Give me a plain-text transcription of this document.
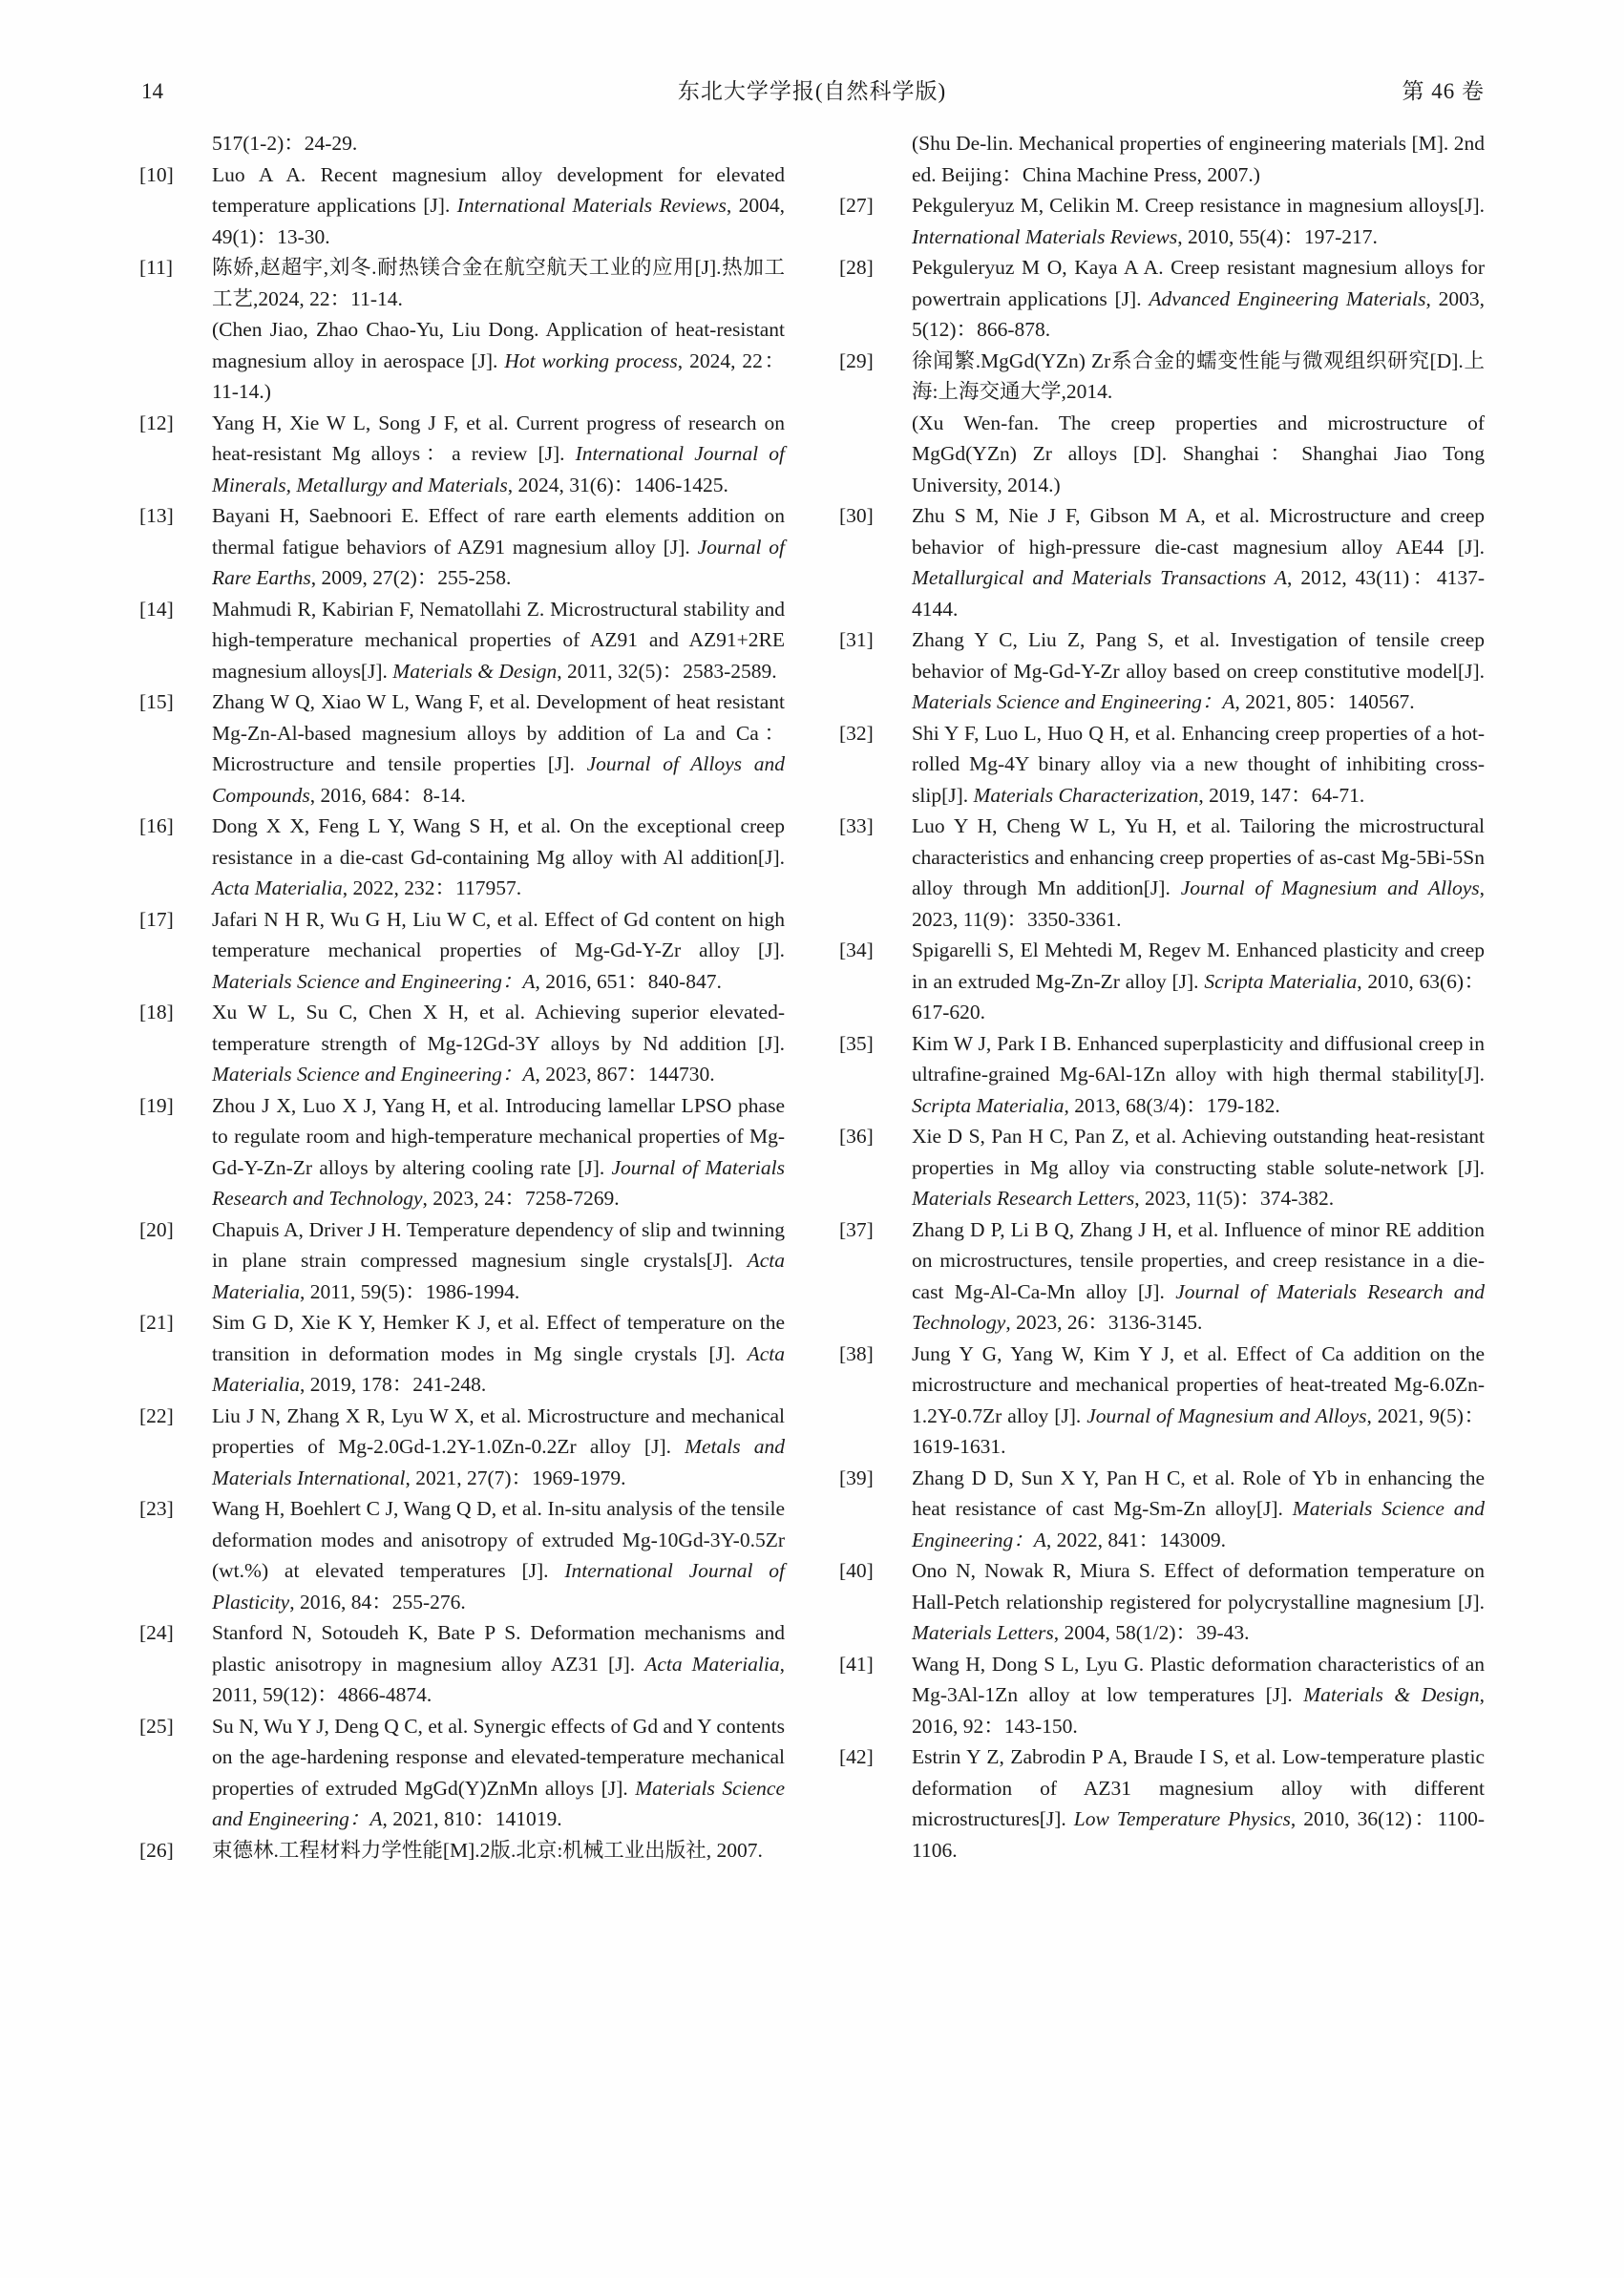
14	东北大学学报(自然科学版)	第 46 卷
517(1-2)：24-29.
[10] Luo A A. Recent magnesium alloy development for elevated temperature applications [J]. International Materials Reviews, 2004, 49(1)：13-30.
[11] 陈娇,赵超宇,刘冬.耐热镁合金在航空航天工业的应用[J].热加工工艺,2024, 22：11-14.
(Chen Jiao, Zhao Chao-Yu, Liu Dong. Application of heat-resistant magnesium alloy in aerospace [J]. Hot working process, 2024, 22：11-14.)
[12] Yang H, Xie W L, Song J F, et al. Current progress of research on heat-resistant Mg alloys：a review [J]. International Journal of Minerals, Metallurgy and Materials, 2024, 31(6)：1406-1425.
[13] Bayani H, Saebnoori E. Effect of rare earth elements addition on thermal fatigue behaviors of AZ91 magnesium alloy [J]. Journal of Rare Earths, 2009, 27(2)：255-258.
[14] Mahmudi R, Kabirian F, Nematollahi Z. Microstructural stability and high-temperature mechanical properties of AZ91 and AZ91+2RE magnesium alloys[J]. Materials & Design, 2011, 32(5)：2583-2589.
[15] Zhang W Q, Xiao W L, Wang F, et al. Development of heat resistant Mg-Zn-Al-based magnesium alloys by addition of La and Ca：Microstructure and tensile properties [J]. Journal of Alloys and Compounds, 2016, 684：8-14.
[16] Dong X X, Feng L Y, Wang S H, et al. On the exceptional creep resistance in a die-cast Gd-containing Mg alloy with Al addition[J]. Acta Materialia, 2022, 232：117957.
[17] Jafari N H R, Wu G H, Liu W C, et al. Effect of Gd content on high temperature mechanical properties of Mg-Gd-Y-Zr alloy [J]. Materials Science and Engineering：A, 2016, 651：840-847.
[18] Xu W L, Su C, Chen X H, et al. Achieving superior elevated-temperature strength of Mg-12Gd-3Y alloys by Nd addition [J]. Materials Science and Engineering：A, 2023, 867：144730.
[19] Zhou J X, Luo X J, Yang H, et al. Introducing lamellar LPSO phase to regulate room and high-temperature mechanical properties of Mg-Gd-Y-Zn-Zr alloys by altering cooling rate [J]. Journal of Materials Research and Technology, 2023, 24：7258-7269.
[20] Chapuis A, Driver J H. Temperature dependency of slip and twinning in plane strain compressed magnesium single crystals[J]. Acta Materialia, 2011, 59(5)：1986-1994.
[21] Sim G D, Xie K Y, Hemker K J, et al. Effect of temperature on the transition in deformation modes in Mg single crystals [J]. Acta Materialia, 2019, 178：241-248.
[22] Liu J N, Zhang X R, Lyu W X, et al. Microstructure and mechanical properties of Mg-2.0Gd-1.2Y-1.0Zn-0.2Zr alloy [J]. Metals and Materials International, 2021, 27(7)：1969-1979.
[23] Wang H, Boehlert C J, Wang Q D, et al. In-situ analysis of the tensile deformation modes and anisotropy of extruded Mg-10Gd-3Y-0.5Zr (wt.%) at elevated temperatures [J]. International Journal of Plasticity, 2016, 84：255-276.
[24] Stanford N, Sotoudeh K, Bate P S. Deformation mechanisms and plastic anisotropy in magnesium alloy AZ31 [J]. Acta Materialia, 2011, 59(12)：4866-4874.
[25] Su N, Wu Y J, Deng Q C, et al. Synergic effects of Gd and Y contents on the age-hardening response and elevated-temperature mechanical properties of extruded MgGd(Y)ZnMn alloys [J]. Materials Science and Engineering：A, 2021, 810：141019.
[26] 束德林.工程材料力学性能[M].2版.北京:机械工业出版社, 2007.
(Shu De-lin. Mechanical properties of engineering materials [M]. 2nd ed. Beijing：China Machine Press, 2007.)
[27] Pekguleryuz M, Celikin M. Creep resistance in magnesium alloys[J]. International Materials Reviews, 2010, 55(4)：197-217.
[28] Pekguleryuz M O, Kaya A A. Creep resistant magnesium alloys for powertrain applications [J]. Advanced Engineering Materials, 2003, 5(12)：866-878.
[29] 徐闻繁.MgGd(YZn) Zr系合金的蠕变性能与微观组织研究[D].上海:上海交通大学,2014.
(Xu Wen-fan. The creep properties and microstructure of MgGd(YZn) Zr alloys [D]. Shanghai：Shanghai Jiao Tong University, 2014.)
[30] Zhu S M, Nie J F, Gibson M A, et al. Microstructure and creep behavior of high-pressure die-cast magnesium alloy AE44 [J]. Metallurgical and Materials Transactions A, 2012, 43(11)：4137-4144.
[31] Zhang Y C, Liu Z, Pang S, et al. Investigation of tensile creep behavior of Mg-Gd-Y-Zr alloy based on creep constitutive model[J]. Materials Science and Engineering：A, 2021, 805：140567.
[32] Shi Y F, Luo L, Huo Q H, et al. Enhancing creep properties of a hot-rolled Mg-4Y binary alloy via a new thought of inhibiting cross-slip[J]. Materials Characterization, 2019, 147：64-71.
[33] Luo Y H, Cheng W L, Yu H, et al. Tailoring the microstructural characteristics and enhancing creep properties of as-cast Mg-5Bi-5Sn alloy through Mn addition[J]. Journal of Magnesium and Alloys, 2023, 11(9)：3350-3361.
[34] Spigarelli S, El Mehtedi M, Regev M. Enhanced plasticity and creep in an extruded Mg-Zn-Zr alloy [J]. Scripta Materialia, 2010, 63(6)：617-620.
[35] Kim W J, Park I B. Enhanced superplasticity and diffusional creep in ultrafine-grained Mg-6Al-1Zn alloy with high thermal stability[J]. Scripta Materialia, 2013, 68(3/4)：179-182.
[36] Xie D S, Pan H C, Pan Z, et al. Achieving outstanding heat-resistant properties in Mg alloy via constructing stable solute-network [J]. Materials Research Letters, 2023, 11(5)：374-382.
[37] Zhang D P, Li B Q, Zhang J H, et al. Influence of minor RE addition on microstructures, tensile properties, and creep resistance in a die-cast Mg-Al-Ca-Mn alloy [J]. Journal of Materials Research and Technology, 2023, 26：3136-3145.
[38] Jung Y G, Yang W, Kim Y J, et al. Effect of Ca addition on the microstructure and mechanical properties of heat-treated Mg-6.0Zn-1.2Y-0.7Zr alloy [J]. Journal of Magnesium and Alloys, 2021, 9(5)：1619-1631.
[39] Zhang D D, Sun X Y, Pan H C, et al. Role of Yb in enhancing the heat resistance of cast Mg-Sm-Zn alloy[J]. Materials Science and Engineering：A, 2022, 841：143009.
[40] Ono N, Nowak R, Miura S. Effect of deformation temperature on Hall-Petch relationship registered for polycrystalline magnesium [J]. Materials Letters, 2004, 58(1/2)：39-43.
[41] Wang H, Dong S L, Lyu G. Plastic deformation characteristics of an Mg-3Al-1Zn alloy at low temperatures [J]. Materials & Design, 2016, 92：143-150.
[42] Estrin Y Z, Zabrodin P A, Braude I S, et al. Low-temperature plastic deformation of AZ31 magnesium alloy with different microstructures[J]. Low Temperature Physics, 2010, 36(12)：1100-1106.
